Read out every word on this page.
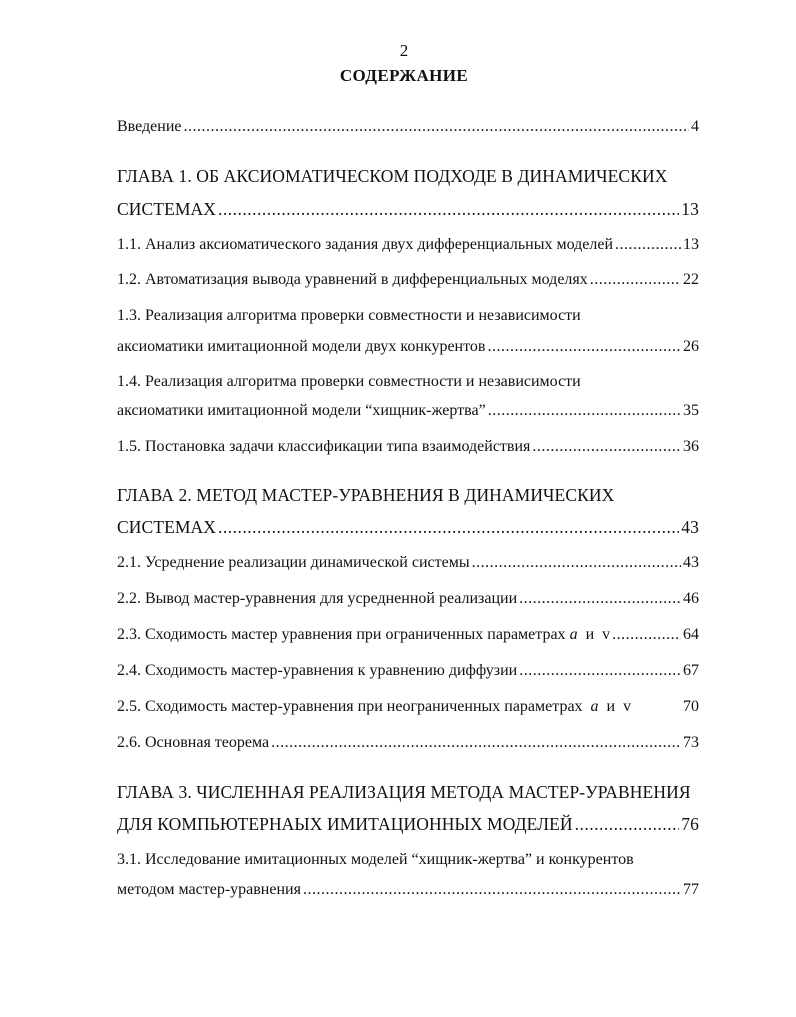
2
СОДЕРЖАНИЕ
Введение .....	4
ГЛАВА 1. ОБ АКСИОМАТИЧЕСКОМ ПОДХОДЕ В ДИНАМИЧЕСКИХ
СИСТЕМАХ .....	13
1.1. Анализ аксиоматического задания двух дифференциальных моделей .....	13
1.2. Автоматизация вывода уравнений в дифференциальных моделях .....	22
1.3. Реализация алгоритма проверки совместности и независимости
аксиоматики имитационной модели двух конкурентов .....	26
1.4. Реализация алгоритма проверки совместности и независимости
аксиоматики имитационной модели “хищник-жертва” .....	35
1.5. Постановка задачи классификации типа взаимодействия .....	36
ГЛАВА 2. МЕТОД МАСТЕР-УРАВНЕНИЯ В ДИНАМИЧЕСКИХ
СИСТЕМАХ .....	43
2.1. Усреднение реализации динамической системы .....	43
2.2. Вывод мастер-уравнения для усредненной реализации .....	46
2.3. Сходимость мастер уравнения при ограниченных параметрах a и v .....	64
2.4. Сходимость мастер-уравнения к уравнению диффузии .....	67
2.5. Сходимость мастер-уравнения при неограниченных параметрах a и v	70
2.6. Основная теорема .....	73
ГЛАВА 3. ЧИСЛЕННАЯ РЕАЛИЗАЦИЯ МЕТОДА МАСТЕР-УРАВНЕНИЯ
ДЛЯ КОМПЬЮТЕРНАЫХ ИМИТАЦИОННЫХ МОДЕЛЕЙ .....	76
3.1. Исследование имитационных моделей “хищник-жертва” и конкурентов
методом мастер-уравнения .....	77
